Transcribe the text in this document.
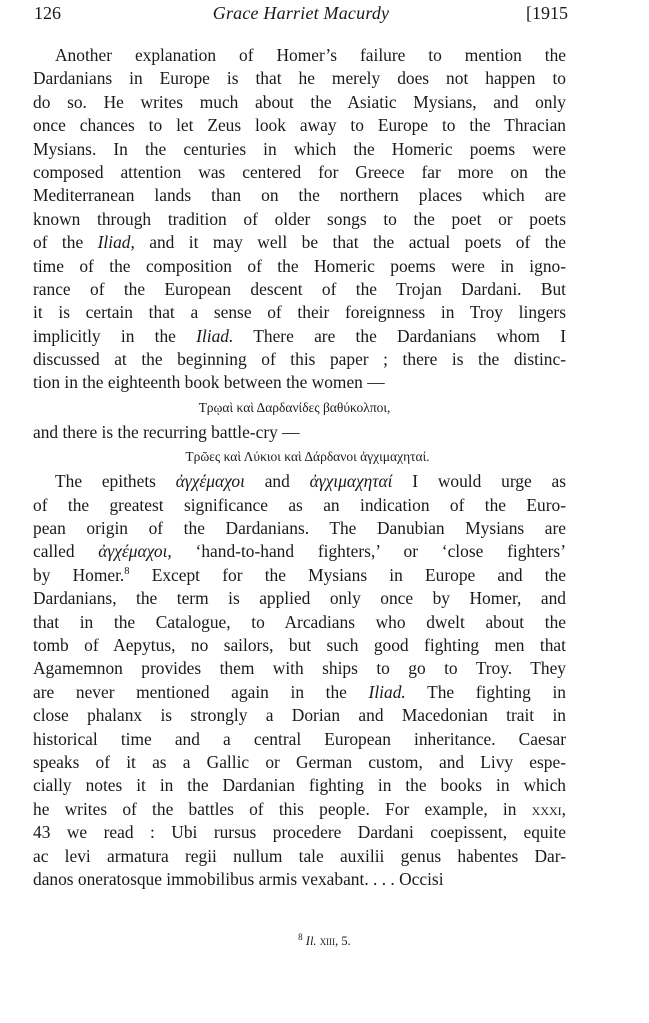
126	Grace Harriet Macurdy	[1915
Another explanation of Homer’s failure to mention the
Dardanians in Europe is that he merely does not happen to
do so. He writes much about the Asiatic Mysians, and only
once chances to let Zeus look away to Europe to the Thracian
Mysians. In the centuries in which the Homeric poems were
composed attention was centered for Greece far more on the
Mediterranean lands than on the northern places which are
known through tradition of older songs to the poet or poets
of the Iliad, and it may well be that the actual poets of the
time of the composition of the Homeric poems were in igno-
rance of the European descent of the Trojan Dardani. But
it is certain that a sense of their foreignness in Troy lingers
implicitly in the Iliad. There are the Dardanians whom I
discussed at the beginning of this paper ; there is the distinc-
tion in the eighteenth book between the women —
Τρῳαὶ καὶ Δαρδανίδες βαθύκολποι,
and there is the recurring battle-cry —
Τρῶες καὶ Λύκιοι καὶ Δάρδανοι ἀγχιμαχηταί.
The epithets ἀγχέμαχοι and ἀγχιμαχηταί I would urge as
of the greatest significance as an indication of the Euro-
pean origin of the Dardanians. The Danubian Mysians are
called ἀγχέμαχοι, ‘hand-to-hand fighters,’ or ‘close fighters’
by Homer.$^8$ Except for the Mysians in Europe and the
Dardanians, the term is applied only once by Homer, and
that in the Catalogue, to Arcadians who dwelt about the
tomb of Aepytus, no sailors, but such good fighting men that
Agamemnon provides them with ships to go to Troy. They
are never mentioned again in the Iliad. The fighting in
close phalanx is strongly a Dorian and Macedonian trait in
historical time and a central European inheritance. Caesar
speaks of it as a Gallic or German custom, and Livy espe-
cially notes it in the Dardanian fighting in the books in which
he writes of the battles of this people. For example, in xxxi,
43 we read : Ubi rursus procedere Dardani coepissent, equite
ac levi armatura regii nullum tale auxilii genus habentes Dar-
danos oneratosque immobilibus armis vexabant. . . . Occisi
$^8$ Il. xiii, 5.
